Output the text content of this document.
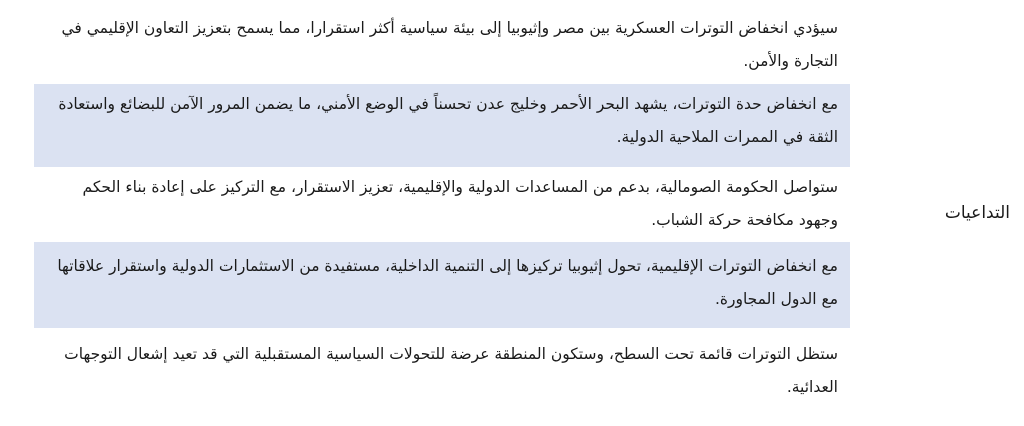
التداعيات
سيؤدي انخفاض التوترات العسكرية بين مصر وإثيوبيا إلى بيئة سياسية أكثر استقرارا، مما يسمح بتعزيز التعاون الإقليمي في التجارة والأمن.
مع انخفاض حدة التوترات، يشهد البحر الأحمر وخليج عدن تحسناً في الوضع الأمني، ما يضمن المرور الآمن للبضائع واستعادة الثقة في الممرات الملاحية الدولية.
ستواصل الحكومة الصومالية، بدعم من المساعدات الدولية والإقليمية، تعزيز الاستقرار، مع التركيز على إعادة بناء الحكم وجهود مكافحة حركة الشباب.
مع انخفاض التوترات الإقليمية، تحول إثيوبيا تركيزها إلى التنمية الداخلية، مستفيدة من الاستثمارات الدولية واستقرار علاقاتها مع الدول المجاورة.
ستظل التوترات قائمة تحت السطح، وستكون المنطقة عرضة للتحولات السياسية المستقبلية التي قد تعيد إشعال التوجهات العدائية.
